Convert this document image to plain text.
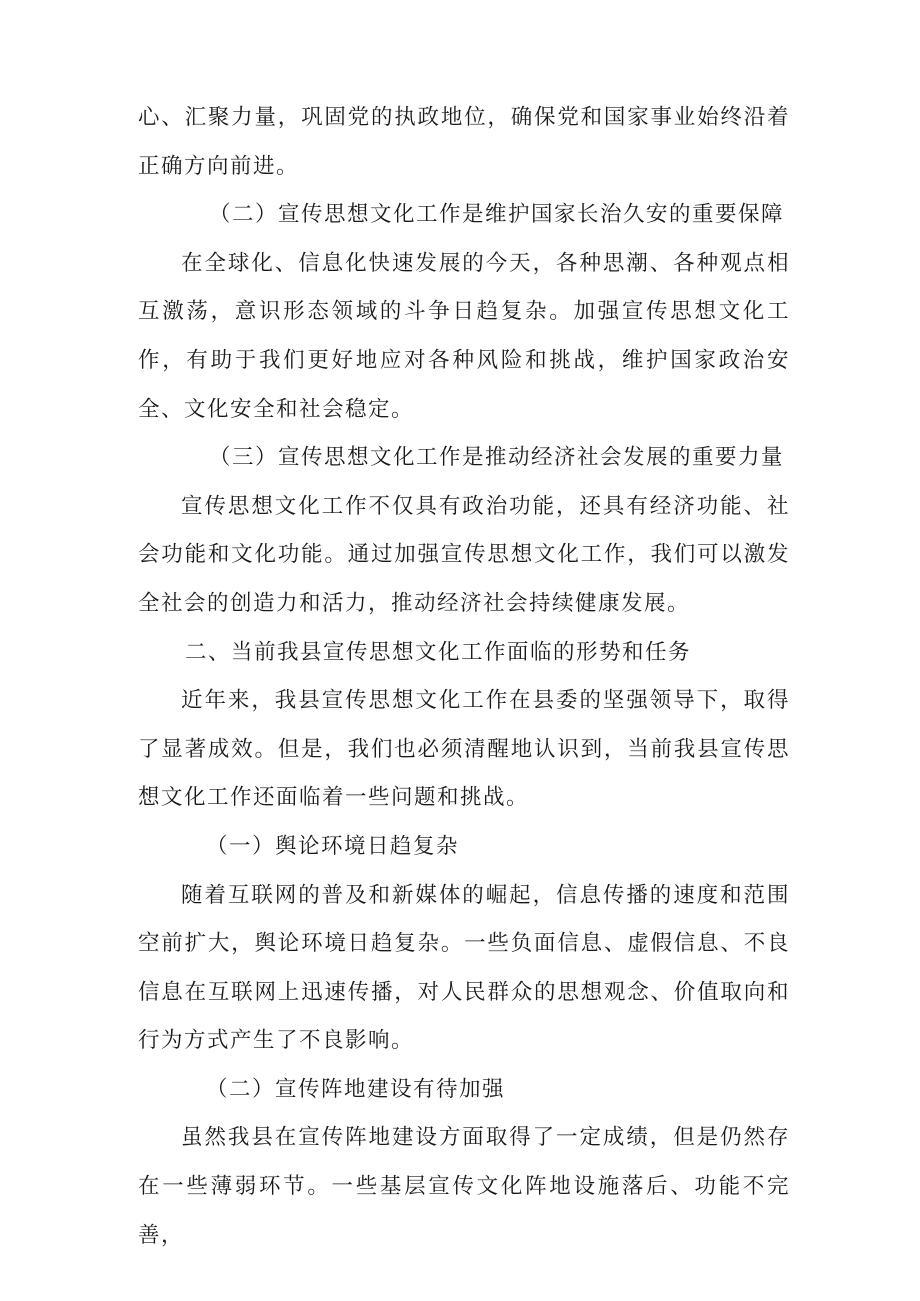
心、汇聚力量，巩固党的执政地位，确保党和国家事业始终沿着正确方向前进。

（二）宣传思想文化工作是维护国家长治久安的重要保障

在全球化、信息化快速发展的今天，各种思潮、各种观点相互激荡，意识形态领域的斗争日趋复杂。加强宣传思想文化工作，有助于我们更好地应对各种风险和挑战，维护国家政治安全、文化安全和社会稳定。

（三）宣传思想文化工作是推动经济社会发展的重要力量

宣传思想文化工作不仅具有政治功能，还具有经济功能、社会功能和文化功能。通过加强宣传思想文化工作，我们可以激发全社会的创造力和活力，推动经济社会持续健康发展。

二、当前我县宣传思想文化工作面临的形势和任务

近年来，我县宣传思想文化工作在县委的坚强领导下，取得了显著成效。但是，我们也必须清醒地认识到，当前我县宣传思想文化工作还面临着一些问题和挑战。

（一）舆论环境日趋复杂

随着互联网的普及和新媒体的崛起，信息传播的速度和范围空前扩大，舆论环境日趋复杂。一些负面信息、虚假信息、不良信息在互联网上迅速传播，对人民群众的思想观念、价值取向和行为方式产生了不良影响。

（二）宣传阵地建设有待加强

虽然我县在宣传阵地建设方面取得了一定成绩，但是仍然存在一些薄弱环节。一些基层宣传文化阵地设施落后、功能不完善，
